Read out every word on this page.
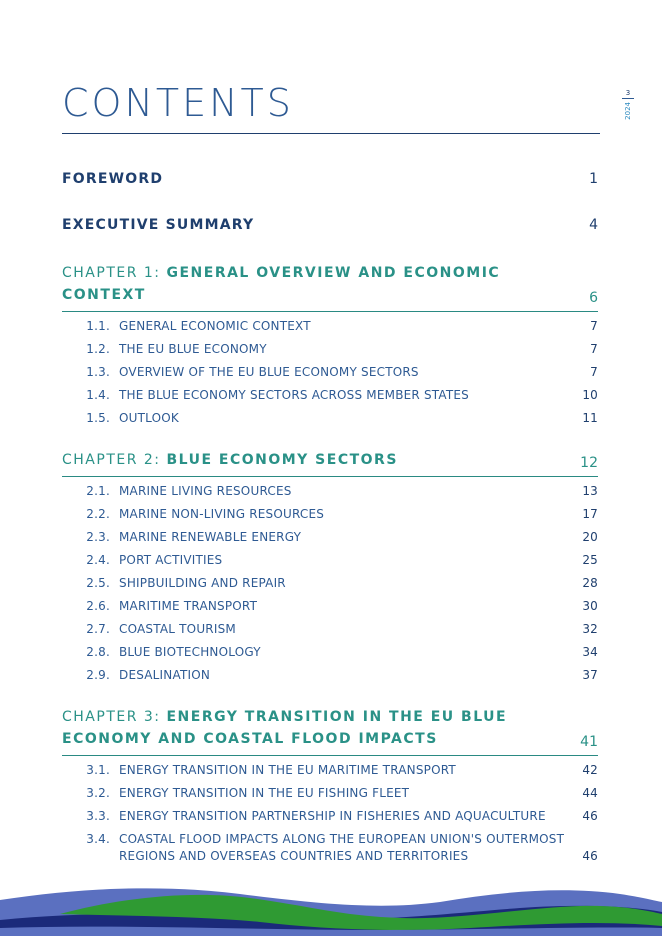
CONTENTS	3
2024
FOREWORD	1
EXECUTIVE SUMMARY	4
CHAPTER 1: GENERAL OVERVIEW AND ECONOMIC CONTEXT	6
1.1. GENERAL ECONOMIC CONTEXT	7
1.2. THE EU BLUE ECONOMY	7
1.3. OVERVIEW OF THE EU BLUE ECONOMY SECTORS	7
1.4. THE BLUE ECONOMY SECTORS ACROSS MEMBER STATES	10
1.5. OUTLOOK	11
CHAPTER 2: BLUE ECONOMY SECTORS	12
2.1. MARINE LIVING RESOURCES	13
2.2. MARINE NON-LIVING RESOURCES	17
2.3. MARINE RENEWABLE ENERGY	20
2.4. PORT ACTIVITIES	25
2.5. SHIPBUILDING AND REPAIR	28
2.6. MARITIME TRANSPORT	30
2.7. COASTAL TOURISM	32
2.8. BLUE BIOTECHNOLOGY	34
2.9. DESALINATION	37
CHAPTER 3: ENERGY TRANSITION IN THE EU BLUE ECONOMY AND COASTAL FLOOD IMPACTS	41
3.1. ENERGY TRANSITION IN THE EU MARITIME TRANSPORT	42
3.2. ENERGY TRANSITION IN THE EU FISHING FLEET	44
3.3. ENERGY TRANSITION PARTNERSHIP IN FISHERIES AND AQUACULTURE	46
3.4. COASTAL FLOOD IMPACTS ALONG THE EUROPEAN UNION'S OUTERMOST REGIONS AND OVERSEAS COUNTRIES AND TERRITORIES	46
